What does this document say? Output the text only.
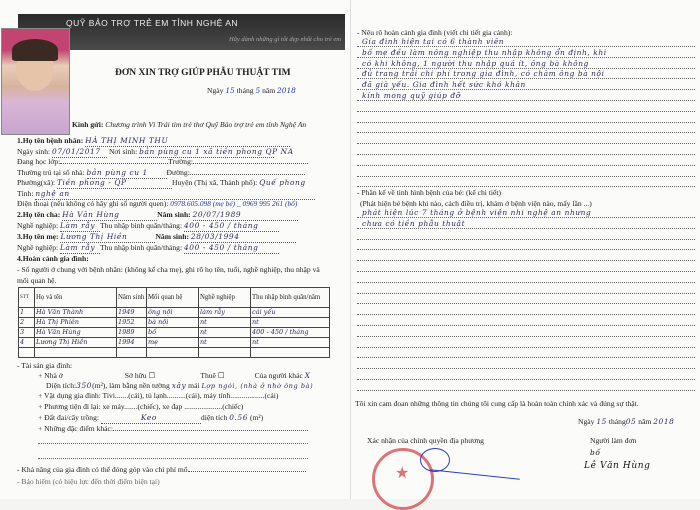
QUỸ BẢO TRỢ TRẺ EM TỈNH NGHỆ AN
Hãy dành những gì tốt đẹp nhất cho trẻ em
ĐƠN XIN TRỢ GIÚP PHẪU THUẬT TIM
Ngày 15 tháng 5 năm 2018
Kính gửi: Chương trình Vì Trái tim trẻ thơ Quỹ Bảo trợ trẻ em tỉnh Nghệ An
1.Họ tên bệnh nhân: HÀ THỊ MINH THU
Ngày sinh: 07/01/2017 Nơi sinh: bản pùng cu 1 xã tiền phong QP NA
Đang học lớp:	Trường:
Thường trú tại số nhà: bản pùng cu 1 Đường:
Phường(xã): Tiền phong - QP	Huyện (Thị xã, Thành phố): Quế phong
Tỉnh: nghệ an
Điện thoại (nếu không có hãy ghi số người quen): 0978.605.098 (mẹ bé) _ 0969 995 261 (bố)
2.Họ tên cha: Hà Văn Hùng	Năm sinh: 20/07/1989
Nghề nghiệp: Làm rẫy Thu nhập bình quân/tháng: 400 - 450 / tháng
3.Họ tên mẹ: Lương Thị Hiền	Năm sinh: 28/03/1994
Nghề nghiệp: Làm rẫy Thu nhập bình quân/tháng: 400 - 450 / tháng
4.Hoàn cảnh gia đình:
- Số người ở chung với bệnh nhân: (không kể cha mẹ), ghi rõ họ tên, tuổi, nghề nghiệp, thu nhập và
mối quan hệ.
STT	Họ và tên	Năm sinh	Mối quan hệ	Nghề nghiệp	Thu nhập bình quân/năm
1	Hà Văn Thành	1949	ông nội	làm rẫy	cái yếu
2	Hà Thị Phiên	1952	bà nội	nt	nt
3	Hà Văn Hùng	1989	bố	nt	400 - 450 / tháng
4	Lương Thị Hiền	1994	mẹ	nt	nt

- Tài sản gia đình:
+ Nhà ở	Sở hữu ☐	Thuê ☐	Của người khác X
Diện tích:350(m²), làm bằng nền tường xây mái Lợp ngói, (nhà ở nhờ ông bà)
+ Vật dụng gia đình: Tivi.......(cái), tủ lạnh..........(cái), máy tính..................(cái)
+ Phương tiện đi lại: xe máy.......(chiếc), xe đạp ....................(chiếc)
+ Đất đai/cây trồng:	Keo	diện tích 0.56 (m²)
+ Những đặc điểm khác:
- Khả năng của gia đình có thể đóng góp vào chi phí mổ
- Bảo hiểm (có hiệu lực đến thời điểm hiện tại)
- Nêu rõ hoàn cảnh gia đình (viết chi tiết gia cảnh):
Gia đình hiện tại có 6 thành viên
bố mẹ đều làm nông nghiệp thu nhập không ổn định, khi
có khi không, 1 người thu nhập quá ít, ông bà không
đủ trang trải chi phí trong gia đình, có chăm ông bà nội
đã già yếu. Gia đình hết sức khó khăn
kính mong quỹ giúp đỡ
- Phần kể về tình hình bệnh của bé: (kể chi tiết)
(Phát hiện bé bệnh khi nào, cách điều trị, khám ở bệnh viện nào, mấy lần ...)
phát hiện lúc 7 tháng ở bệnh viện nhi nghệ an nhưng
chưa có tiền phẫu thuật
Tôi xin cam đoan những thông tin chúng tôi cung cấp là hoàn toàn chính xác và đúng sự thật.
Ngày 15 tháng05 năm 2018
Xác nhận của chính quyền địa phương	Người làm đơn
bố
Lê Văn Hùng
★
